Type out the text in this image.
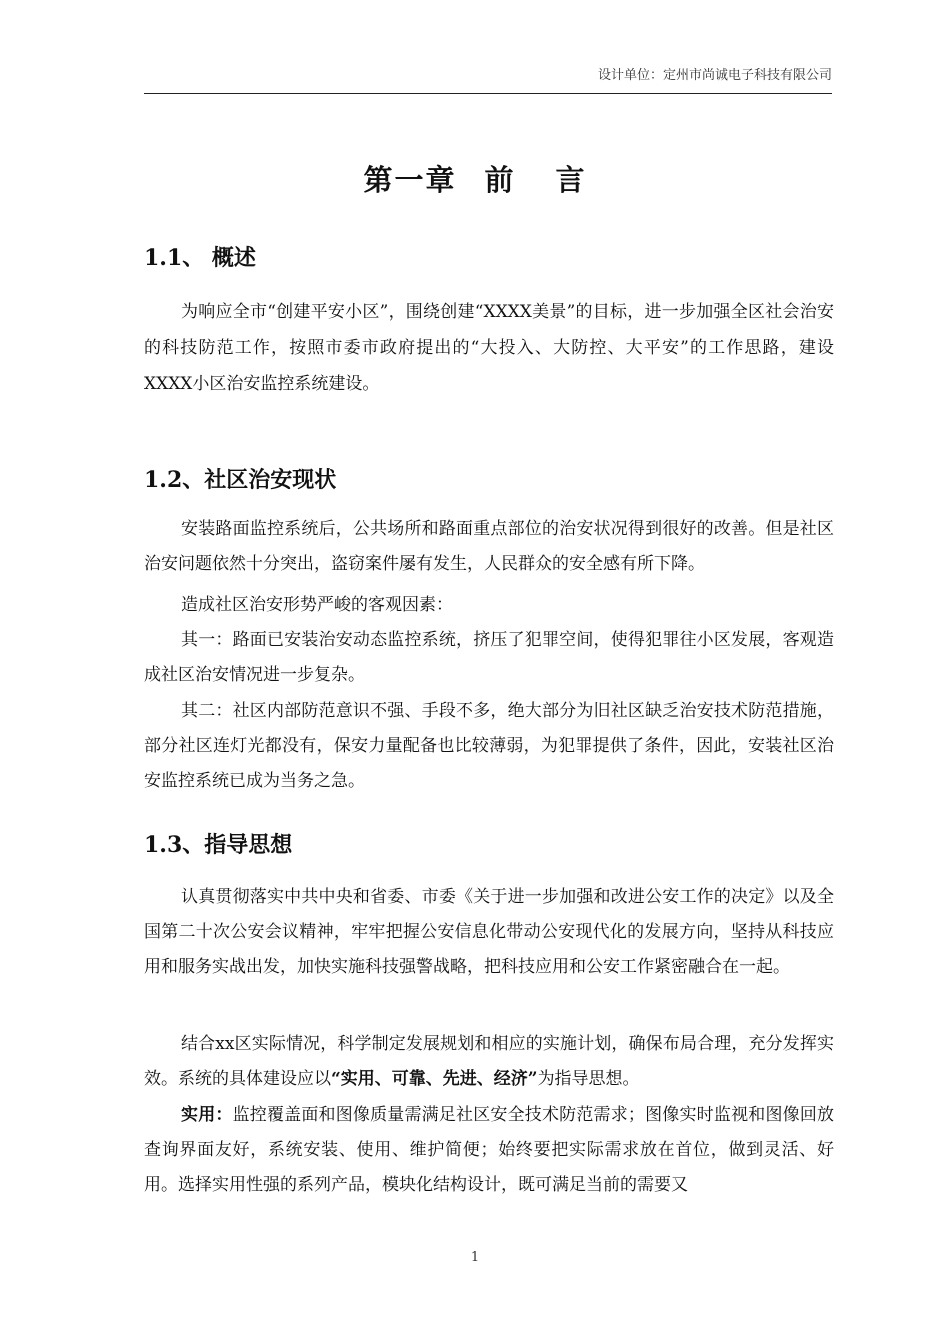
设计单位：定州市尚诚电子科技有限公司
第一章 前 言
1.1、 概述

为响应全市“创建平安小区”，围绕创建“XXXX美景”的目标，进一步加强全区社会治安的科技防范工作，按照市委市政府提出的“大投入、大防控、大平安”的工作思路，建设XXXX小区治安监控系统建设。

1.2、社区治安现状

安装路面监控系统后，公共场所和路面重点部位的治安状况得到很好的改善。但是社区治安问题依然十分突出，盗窃案件屡有发生，人民群众的安全感有所下降。

造成社区治安形势严峻的客观因素：

其一：路面已安装治安动态监控系统，挤压了犯罪空间，使得犯罪往小区发展，客观造成社区治安情况进一步复杂。

其二：社区内部防范意识不强、手段不多，绝大部分为旧社区缺乏治安技术防范措施，部分社区连灯光都没有，保安力量配备也比较薄弱，为犯罪提供了条件，因此，安装社区治安监控系统已成为当务之急。

1.3、指导思想

认真贯彻落实中共中央和省委、市委《关于进一步加强和改进公安工作的决定》以及全国第二十次公安会议精神，牢牢把握公安信息化带动公安现代化的发展方向，坚持从科技应用和服务实战出发，加快实施科技强警战略，把科技应用和公安工作紧密融合在一起。

结合xx区实际情况，科学制定发展规划和相应的实施计划，确保布局合理，充分发挥实效。系统的具体建设应以“实用、可靠、先进、经济”为指导思想。

实用：监控覆盖面和图像质量需满足社区安全技术防范需求；图像实时监视和图像回放查询界面友好，系统安装、使用、维护简便；始终要把实际需求放在首位，做到灵活、好用。选择实用性强的系列产品，模块化结构设计，既可满足当前的需要又

1
